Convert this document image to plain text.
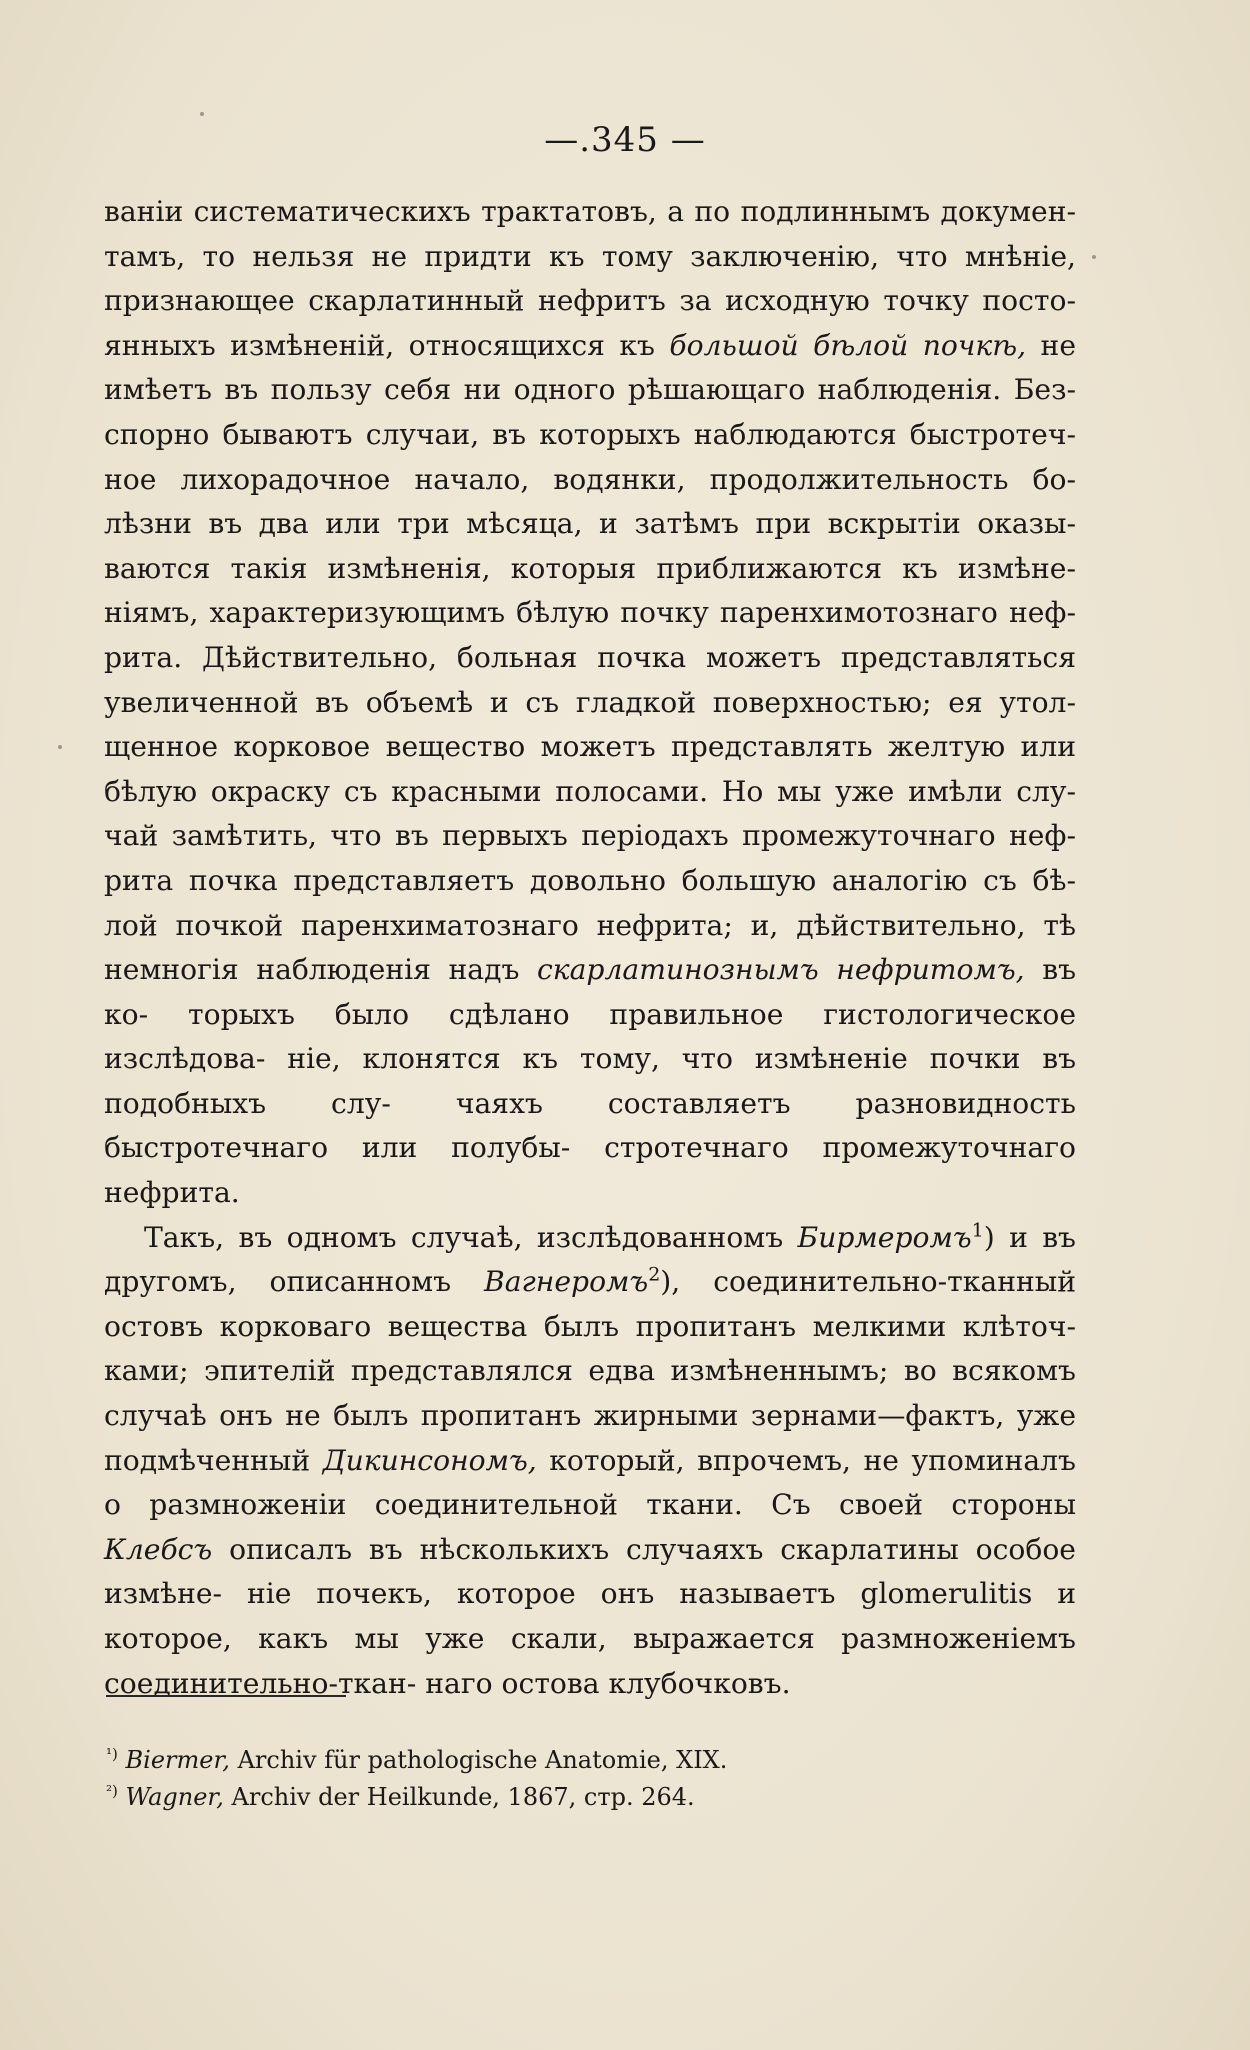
—.345 —

ваніи систематическихъ трактатовъ, а по подлиннымъ докумен- тамъ, то нельзя не придти къ тому заключенію, что мнѣніе, признающее скарлатинный нефритъ за исходную точку посто- янныхъ измѣненій, относящихся къ большой бѣлой почкѣ, не имѣетъ въ пользу себя ни одного рѣшающаго наблюденія. Без- спорно бываютъ случаи, въ которыхъ наблюдаются быстротеч- ное лихорадочное начало, водянки, продолжительность бо- лѣзни въ два или три мѣсяца, и затѣмъ при вскрытіи оказы- ваются такія измѣненія, которыя приближаются къ измѣне- ніямъ, характеризующимъ бѣлую почку паренхимотознаго неф- рита. Дѣйствительно, больная почка можетъ представляться увеличенной въ объемѣ и съ гладкой поверхностью; ея утол- щенное корковое вещество можетъ представлять желтую или бѣлую окраску съ красными полосами. Но мы уже имѣли слу- чай замѣтить, что въ первыхъ періодахъ промежуточнаго неф- рита почка представляетъ довольно большую аналогію съ бѣ- лой почкой паренхиматознаго нефрита; и, дѣйствительно, тѣ немногія наблюденія надъ скарлатинознымъ нефритомъ, въ ко- торыхъ было сдѣлано правильное гистологическое изслѣдова- ніе, клонятся къ тому, что измѣненіе почки въ подобныхъ слу- чаяхъ составляетъ разновидность быстротечнаго или полубы- стротечнаго промежуточнаго нефрита.

Такъ, въ одномъ случаѣ, изслѣдованномъ Бирмеромъ$^1$) и въ другомъ, описанномъ Вагнеромъ$^2$), соединительно-тканный остовъ корковаго вещества былъ пропитанъ мелкими клѣточ- ками; эпителій представлялся едва измѣненнымъ; во всякомъ случаѣ онъ не былъ пропитанъ жирными зернами—фактъ, уже подмѣченный Дикинсономъ, который, впрочемъ, не упоминалъ о размноженіи соединительной ткани. Съ своей стороны Клебсъ описалъ въ нѣсколькихъ случаяхъ скарлатины особое измѣне- ніе почекъ, которое онъ называетъ glomerulitis и которое, какъ мы уже скали, выражается размноженіемъ соединительно-ткан- наго остова клубочковъ.

$^{^1)}$ Biermer, Archiv für pathologische Anatomie, XIX.
$^{^2)}$ Wagner, Archiv der Heilkunde, 1867, стр. 264.
